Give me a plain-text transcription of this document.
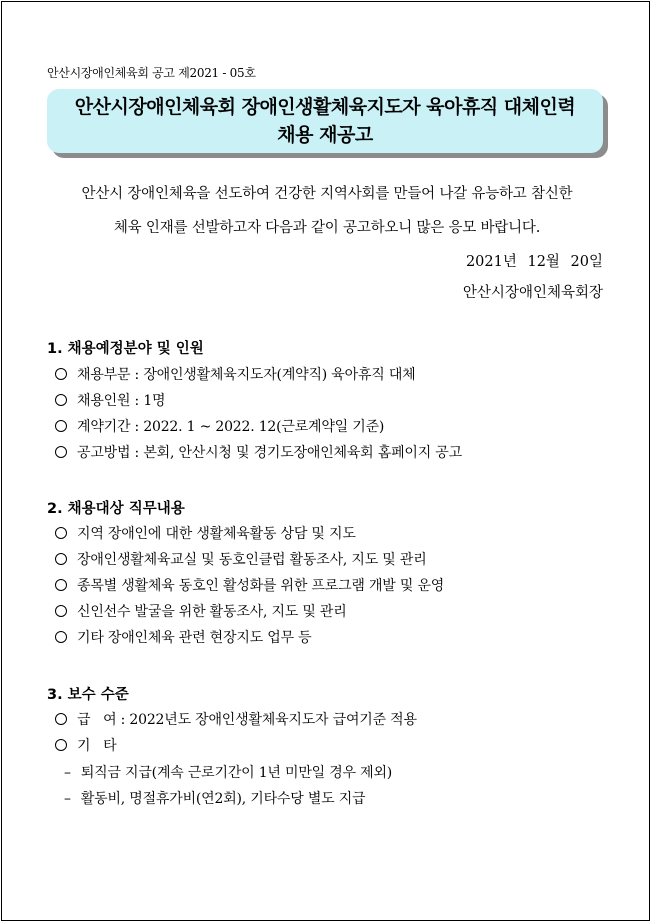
안산시장애인체육회 공고 제2021 - 05호
안산시장애인체육회 장애인생활체육지도자 육아휴직 대체인력
채용 재공고
안산시 장애인체육을 선도하여 건강한 지역사회를 만들어 나갈 유능하고 참신한
체육 인재를 선발하고자 다음과 같이 공고하오니 많은 응모 바랍니다.
2021년 12월 20일
안산시장애인체육회장
1. 채용예정분야 및 인원
채용부문 : 장애인생활체육지도자(계약직) 육아휴직 대체
채용인원 : 1명
계약기간 : 2022. 1 ~ 2022. 12(근로계약일 기준)
공고방법 : 본회, 안산시청 및 경기도장애인체육회 홈페이지 공고
2. 채용대상 직무내용
지역 장애인에 대한 생활체육활동 상담 및 지도
장애인생활체육교실 및 동호인클럽 활동조사, 지도 및 관리
종목별 생활체육 동호인 활성화를 위한 프로그램 개발 및 운영
신인선수 발굴을 위한 활동조사, 지도 및 관리
기타 장애인체육 관련 현장지도 업무 등
3. 보수 수준
급   여 : 2022년도 장애인생활체육지도자 급여기준 적용
기   타
– 퇴직금 지급(계속 근로기간이 1년 미만일 경우 제외)
– 활동비, 명절휴가비(연2회), 기타수당 별도 지급
